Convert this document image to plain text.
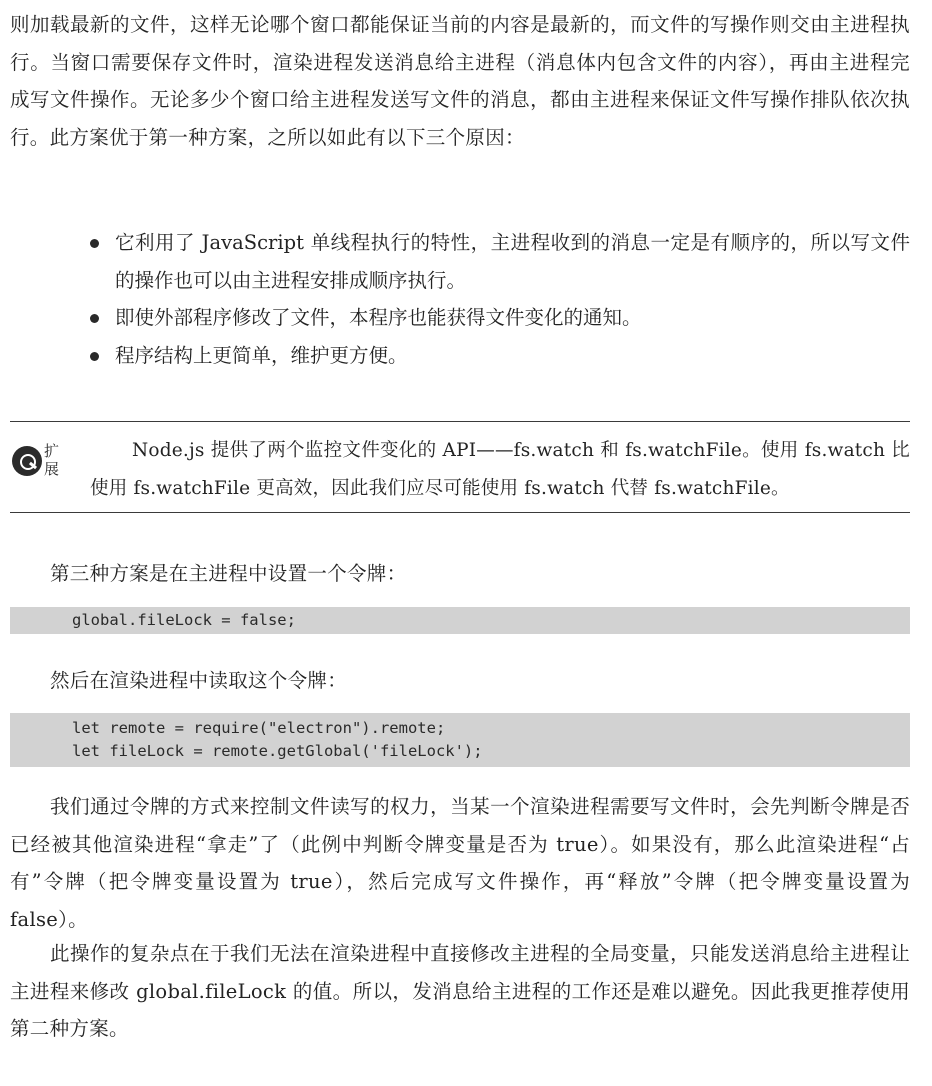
则加载最新的文件，这样无论哪个窗口都能保证当前的内容是最新的，而文件的写操作则交由主进程执行。当窗口需要保存文件时，渲染进程发送消息给主进程（消息体内包含文件的内容），再由主进程完成写文件操作。无论多少个窗口给主进程发送写文件的消息，都由主进程来保证文件写操作排队依次执行。此方案优于第一种方案，之所以如此有以下三个原因：

它利用了 JavaScript 单线程执行的特性，主进程收到的消息一定是有顺序的，所以写文件的操作也可以由主进程安排成顺序执行。
即使外部程序修改了文件，本程序也能获得文件变化的通知。
程序结构上更简单，维护更方便。
扩展

Node.js 提供了两个监控文件变化的 API——fs.watch 和 fs.watchFile。使用 fs.watch 比使用 fs.watchFile 更高效，因此我们应尽可能使用 fs.watch 代替 fs.watchFile。

第三种方案是在主进程中设置一个令牌：

global.fileLock = false;

然后在渲染进程中读取这个令牌：

let remote = require("electron").remote;
let fileLock = remote.getGlobal('fileLock');

我们通过令牌的方式来控制文件读写的权力，当某一个渲染进程需要写文件时，会先判断令牌是否已经被其他渲染进程“拿走”了（此例中判断令牌变量是否为 true）。如果没有，那么此渲染进程“占有”令牌（把令牌变量设置为 true），然后完成写文件操作，再“释放”令牌（把令牌变量设置为 false）。

此操作的复杂点在于我们无法在渲染进程中直接修改主进程的全局变量，只能发送消息给主进程让主进程来修改 global.fileLock 的值。所以，发消息给主进程的工作还是难以避免。因此我更推荐使用第二种方案。
